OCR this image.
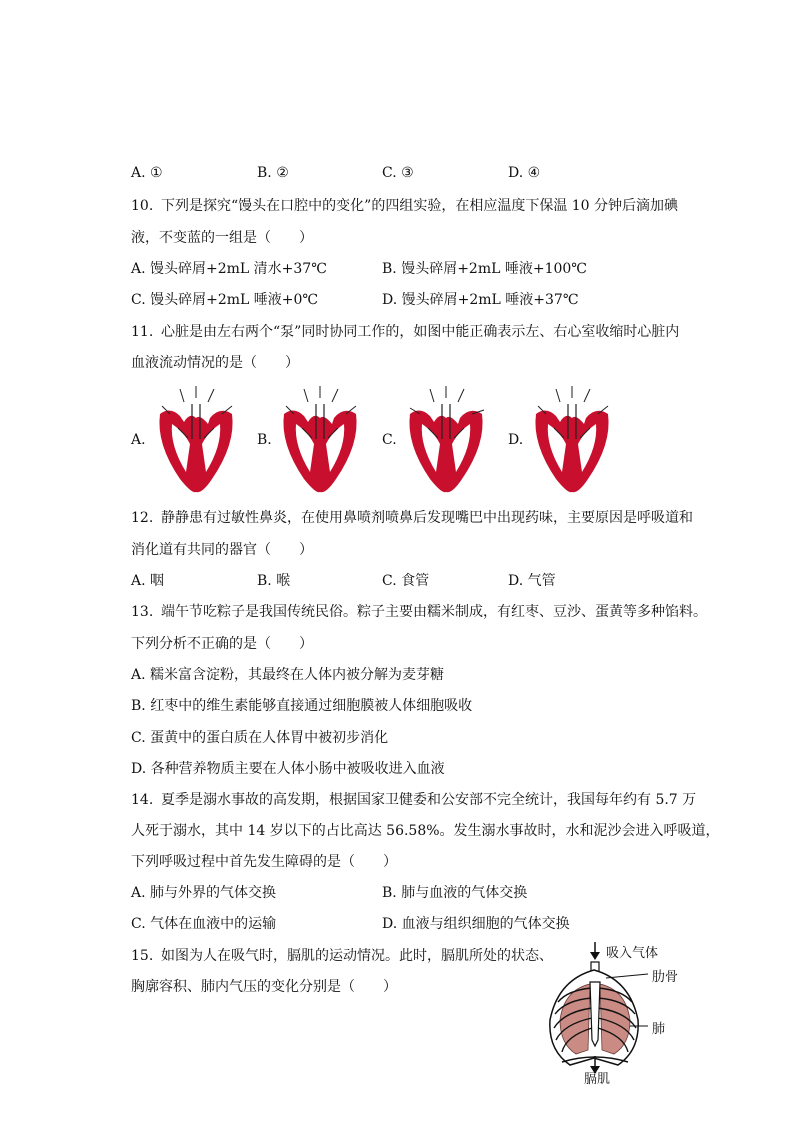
A. ①	B. ②	C. ③	D. ④
10. 下列是探究“馒头在口腔中的变化”的四组实验，在相应温度下保温 10 分钟后滴加碘
液，不变蓝的一组是（　　）
A. 馒头碎屑+2mL 清水+37℃	B. 馒头碎屑+2mL 唾液+100℃
C. 馒头碎屑+2mL 唾液+0℃	D. 馒头碎屑+2mL 唾液+37℃
11. 心脏是由左右两个“泵”同时协同工作的，如图中能正确表示左、右心室收缩时心脏内
血液流动情况的是（　　）
A.	B.	C.	D.
12. 静静患有过敏性鼻炎，在使用鼻喷剂喷鼻后发现嘴巴中出现药味，主要原因是呼吸道和
消化道有共同的器官（　　）
A. 咽	B. 喉	C. 食管	D. 气管
13. 端午节吃粽子是我国传统民俗。粽子主要由糯米制成，有红枣、豆沙、蛋黄等多种馅料。
下列分析不正确的是（　　）
A. 糯米富含淀粉，其最终在人体内被分解为麦芽糖
B. 红枣中的维生素能够直接通过细胞膜被人体细胞吸收
C. 蛋黄中的蛋白质在人体胃中被初步消化
D. 各种营养物质主要在人体小肠中被吸收进入血液
14. 夏季是溺水事故的高发期，根据国家卫健委和公安部不完全统计，我国每年约有 5.7 万
人死于溺水，其中 14 岁以下的占比高达 56.58%。发生溺水事故时，水和泥沙会进入呼吸道，
下列呼吸过程中首先发生障碍的是（　　）
A. 肺与外界的气体交换	B. 肺与血液的气体交换
C. 气体在血液中的运输	D. 血液与组织细胞的气体交换
15. 如图为人在吸气时，膈肌的运动情况。此时，膈肌所处的状态、
胸廓容积、肺内气压的变化分别是（　　）
吸入气体
肋骨
肺
膈肌
